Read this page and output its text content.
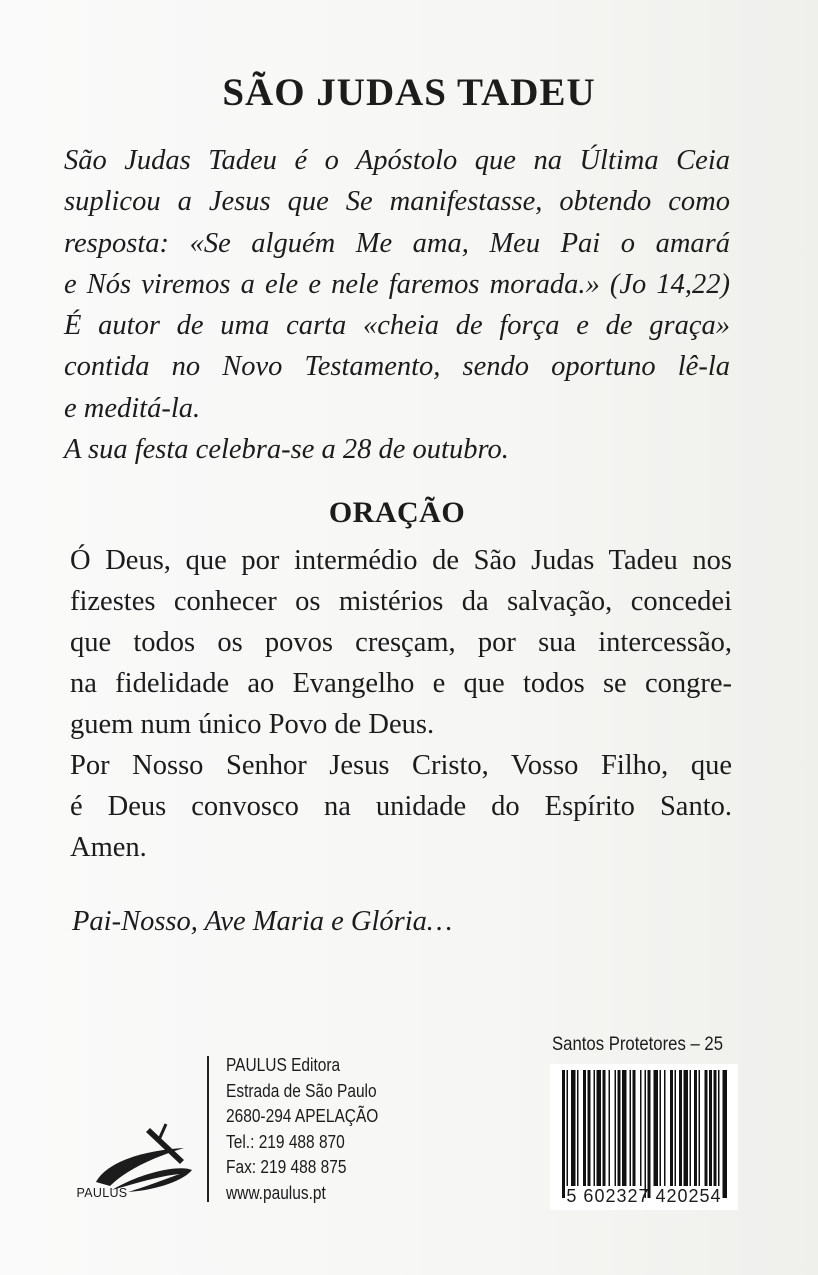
SÃO JUDAS TADEU
São Judas Tadeu é o Apóstolo que na Última Ceia
suplicou a Jesus que Se manifestasse, obtendo como
resposta: «Se alguém Me ama, Meu Pai o amará
e Nós viremos a ele e nele faremos morada.» (Jo 14,22)
É autor de uma carta «cheia de força e de graça»
contida no Novo Testamento, sendo oportuno lê-la
e meditá-la.
A sua festa celebra-se a 28 de outubro.
ORAÇÃO
Ó Deus, que por intermédio de São Judas Tadeu nos
fizestes conhecer os mistérios da salvação, concedei
que todos os povos cresçam, por sua intercessão,
na fidelidade ao Evangelho e que todos se congre-
guem num único Povo de Deus.
Por Nosso Senhor Jesus Cristo, Vosso Filho, que
é Deus convosco na unidade do Espírito Santo.
Amen.
Pai-Nosso, Ave Maria e Glória…
PAULUS
PAULUS Editora
Estrada de São Paulo
2680-294 APELAÇÃO
Tel.: 219 488 870
Fax: 219 488 875
www.paulus.pt
Santos Protetores – 25
5 602327 420254
